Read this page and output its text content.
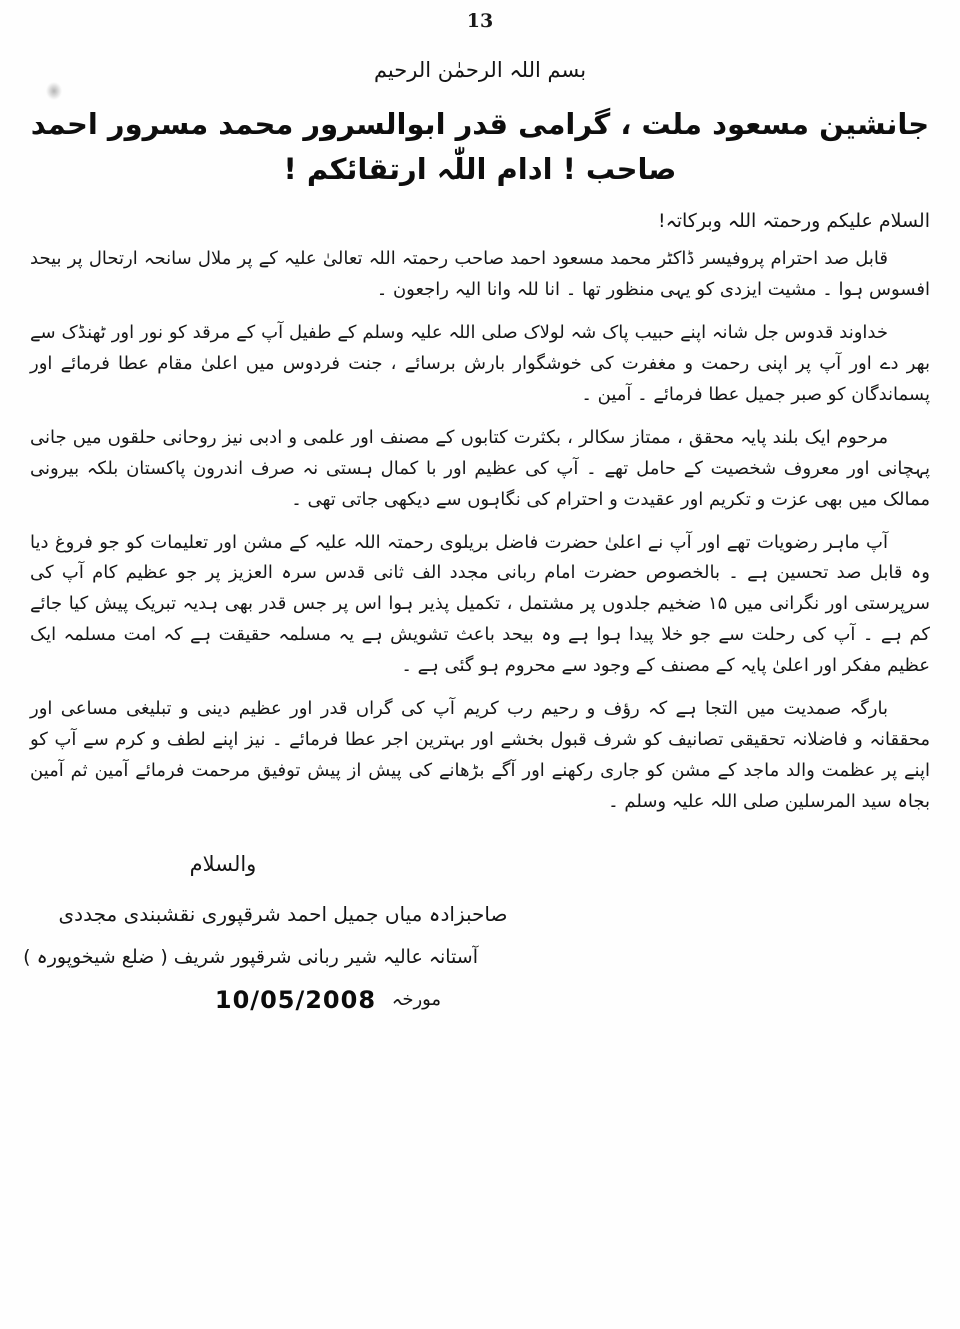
13
بسم اللہ الرحمٰن الرحیم
جانشین مسعود ملت ، گرامی قدر ابوالسرور محمد مسرور احمد صاحب ! ادام اللّٰہ ارتقائکم !
السلام علیکم ورحمتہ اللہ وبرکاتہ!

قابل صد احترام پروفیسر ڈاکٹر محمد مسعود احمد صاحب رحمتہ اللہ تعالیٰ علیہ کے پر ملال سانحہ ارتحال پر بیحد افسوس ہوا ۔ مشیت ایزدی کو یہی منظور تھا ۔ انا للہ وانا الیہ راجعون ۔

خداوند قدوس جل شانہ اپنے حبیب پاک شہ لولاک صلی اللہ علیہ وسلم کے طفیل آپ کے مرقد کو نور اور ٹھنڈک سے بھر دے اور آپ پر اپنی رحمت و مغفرت کی خوشگوار بارش برسائے ، جنت فردوس میں اعلیٰ مقام عطا فرمائے اور پسماندگان کو صبر جمیل عطا فرمائے ۔ آمین ۔

مرحوم ایک بلند پایہ محقق ، ممتاز سکالر ، بکثرت کتابوں کے مصنف اور علمی و ادبی نیز روحانی حلقوں میں جانی پہچانی اور معروف شخصیت کے حامل تھے ۔ آپ کی عظیم اور با کمال ہستی نہ صرف اندرون پاکستان بلکہ بیرونی ممالک میں بھی عزت و تکریم اور عقیدت و احترام کی نگاہوں سے دیکھی جاتی تھی ۔

آپ ماہر رضویات تھے اور آپ نے اعلیٰ حضرت فاضل بریلوی رحمتہ اللہ علیہ کے مشن اور تعلیمات کو جو فروغ دیا وہ قابل صد تحسین ہے ۔ بالخصوص حضرت امام ربانی مجدد الف ثانی قدس سرہ العزیز پر جو عظیم کام آپ کی سرپرستی اور نگرانی میں ۱۵ ضخیم جلدوں پر مشتمل ، تکمیل پذیر ہوا اس پر جس قدر بھی ہدیہ تبریک پیش کیا جائے کم ہے ۔ آپ کی رحلت سے جو خلا پیدا ہوا ہے وہ بیحد باعث تشویش ہے یہ مسلمہ حقیقت ہے کہ امت مسلمہ ایک عظیم مفکر اور اعلیٰ پایہ کے مصنف کے وجود سے محروم ہو گئی ہے ۔

بارگہ صمدیت میں التجا ہے کہ رؤف و رحیم رب کریم آپ کی گراں قدر اور عظیم دینی و تبلیغی مساعی اور محققانہ و فاضلانہ تحقیقی تصانیف کو شرف قبول بخشے اور بہترین اجر عطا فرمائے ۔ نیز اپنے لطف و کرم سے آپ کو اپنے پر عظمت والد ماجد کے مشن کو جاری رکھنے اور آگے بڑھانے کی پیش از پیش توفیق مرحمت فرمائے آمین ثم آمین بجاہ سید المرسلین صلی اللہ علیہ وسلم ۔

والسلام
صاحبزادہ میاں جمیل احمد شرقپوری نقشبندی مجددی
آستانہ عالیہ شیر ربانی شرقپور شریف ( ضلع شیخوپورہ )
مورخہ 10/05/2008
